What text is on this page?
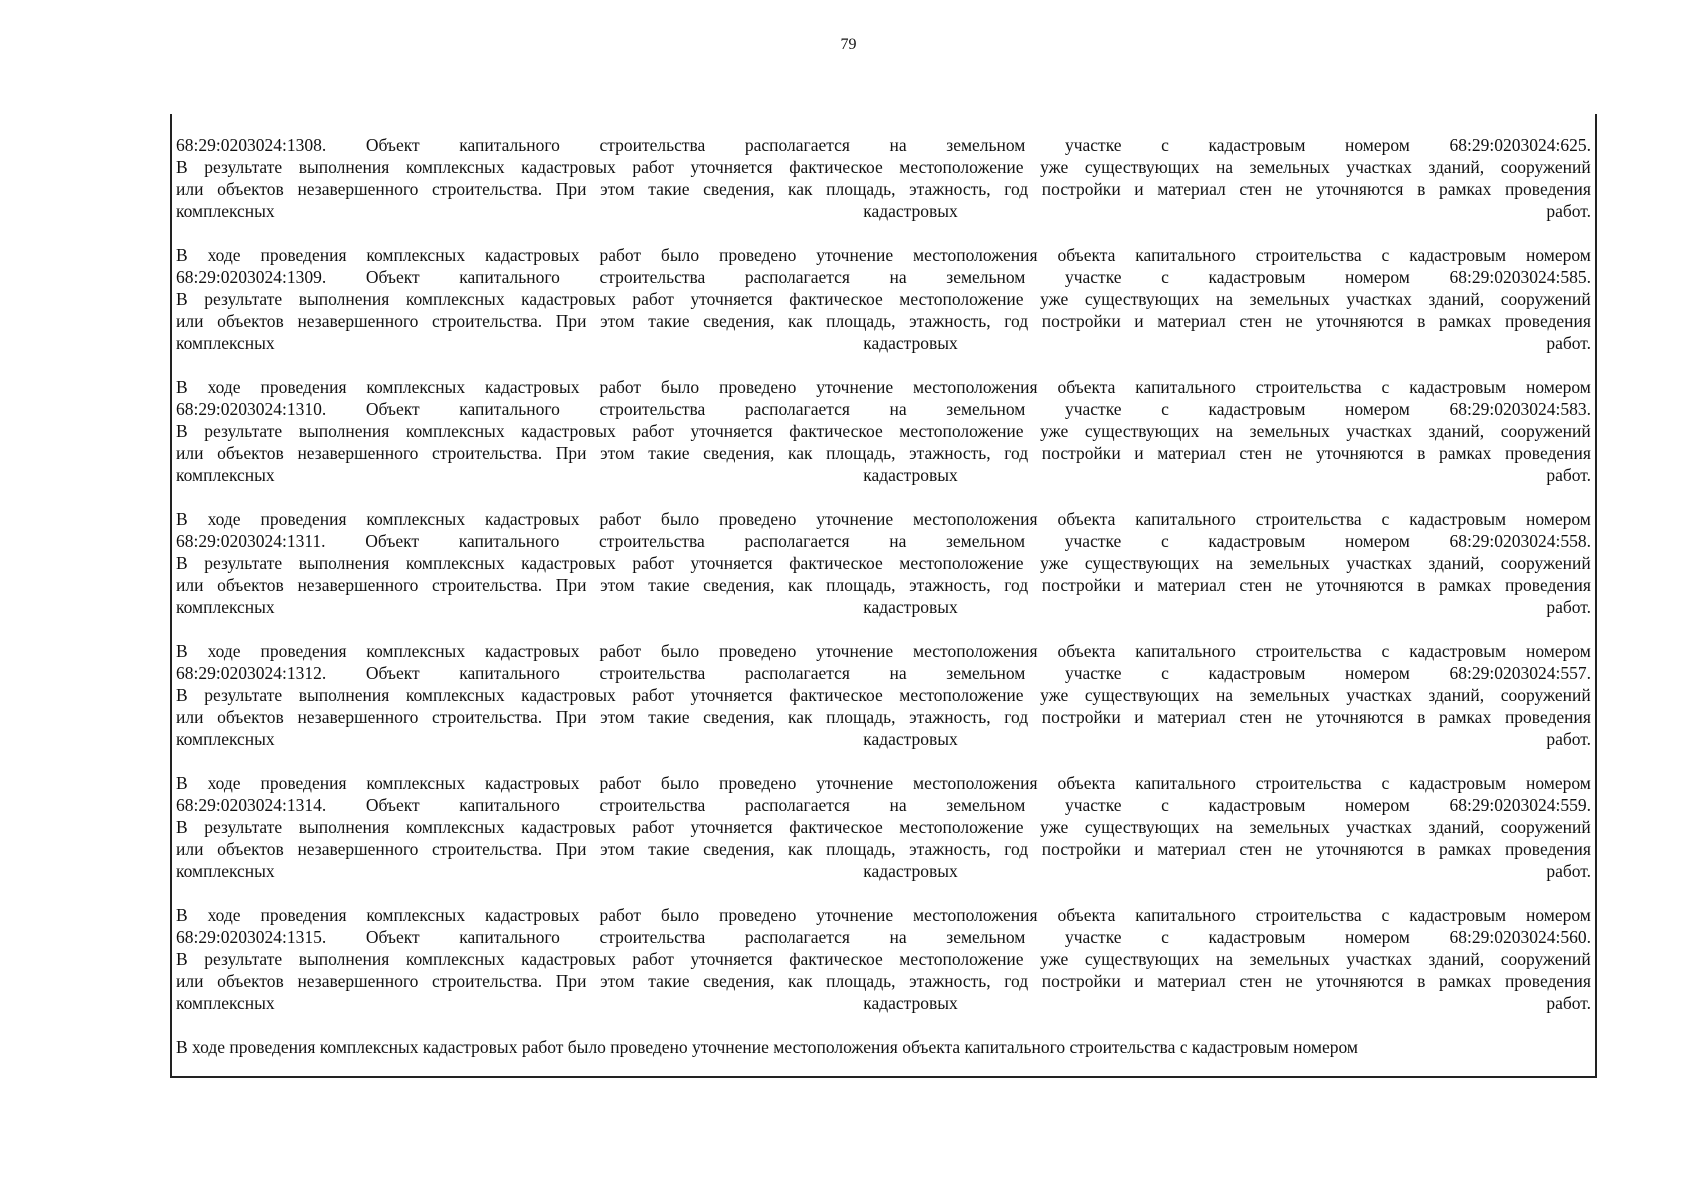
79
68:29:0203024:1308. Объект капитального строительства располагается на земельном участке с кадастровым номером 68:29:0203024:625.
В результате выполнения комплексных кадастровых работ уточняется фактическое местоположение уже существующих на земельных участках зданий, сооружений
или объектов незавершенного строительства. При этом такие сведения, как площадь, этажность, год постройки и материал стен не уточняются в рамках проведения
комплексных	кадастровых	работ.
В ходе проведения комплексных кадастровых работ было проведено уточнение местоположения объекта капитального строительства с кадастровым номером
68:29:0203024:1309. Объект капитального строительства располагается на земельном участке с кадастровым номером 68:29:0203024:585.
В результате выполнения комплексных кадастровых работ уточняется фактическое местоположение уже существующих на земельных участках зданий, сооружений
или объектов незавершенного строительства. При этом такие сведения, как площадь, этажность, год постройки и материал стен не уточняются в рамках проведения
комплексных	кадастровых	работ.
В ходе проведения комплексных кадастровых работ было проведено уточнение местоположения объекта капитального строительства с кадастровым номером
68:29:0203024:1310. Объект капитального строительства располагается на земельном участке с кадастровым номером 68:29:0203024:583.
В результате выполнения комплексных кадастровых работ уточняется фактическое местоположение уже существующих на земельных участках зданий, сооружений
или объектов незавершенного строительства. При этом такие сведения, как площадь, этажность, год постройки и материал стен не уточняются в рамках проведения
комплексных	кадастровых	работ.
В ходе проведения комплексных кадастровых работ было проведено уточнение местоположения объекта капитального строительства с кадастровым номером
68:29:0203024:1311. Объект капитального строительства располагается на земельном участке с кадастровым номером 68:29:0203024:558.
В результате выполнения комплексных кадастровых работ уточняется фактическое местоположение уже существующих на земельных участках зданий, сооружений
или объектов незавершенного строительства. При этом такие сведения, как площадь, этажность, год постройки и материал стен не уточняются в рамках проведения
комплексных	кадастровых	работ.
В ходе проведения комплексных кадастровых работ было проведено уточнение местоположения объекта капитального строительства с кадастровым номером
68:29:0203024:1312. Объект капитального строительства располагается на земельном участке с кадастровым номером 68:29:0203024:557.
В результате выполнения комплексных кадастровых работ уточняется фактическое местоположение уже существующих на земельных участках зданий, сооружений
или объектов незавершенного строительства. При этом такие сведения, как площадь, этажность, год постройки и материал стен не уточняются в рамках проведения
комплексных	кадастровых	работ.
В ходе проведения комплексных кадастровых работ было проведено уточнение местоположения объекта капитального строительства с кадастровым номером
68:29:0203024:1314. Объект капитального строительства располагается на земельном участке с кадастровым номером 68:29:0203024:559.
В результате выполнения комплексных кадастровых работ уточняется фактическое местоположение уже существующих на земельных участках зданий, сооружений
или объектов незавершенного строительства. При этом такие сведения, как площадь, этажность, год постройки и материал стен не уточняются в рамках проведения
комплексных	кадастровых	работ.
В ходе проведения комплексных кадастровых работ было проведено уточнение местоположения объекта капитального строительства с кадастровым номером
68:29:0203024:1315. Объект капитального строительства располагается на земельном участке с кадастровым номером 68:29:0203024:560.
В результате выполнения комплексных кадастровых работ уточняется фактическое местоположение уже существующих на земельных участках зданий, сооружений
или объектов незавершенного строительства. При этом такие сведения, как площадь, этажность, год постройки и материал стен не уточняются в рамках проведения
комплексных	кадастровых	работ.
В ходе проведения комплексных кадастровых работ было проведено уточнение местоположения объекта капитального строительства с кадастровым номером
